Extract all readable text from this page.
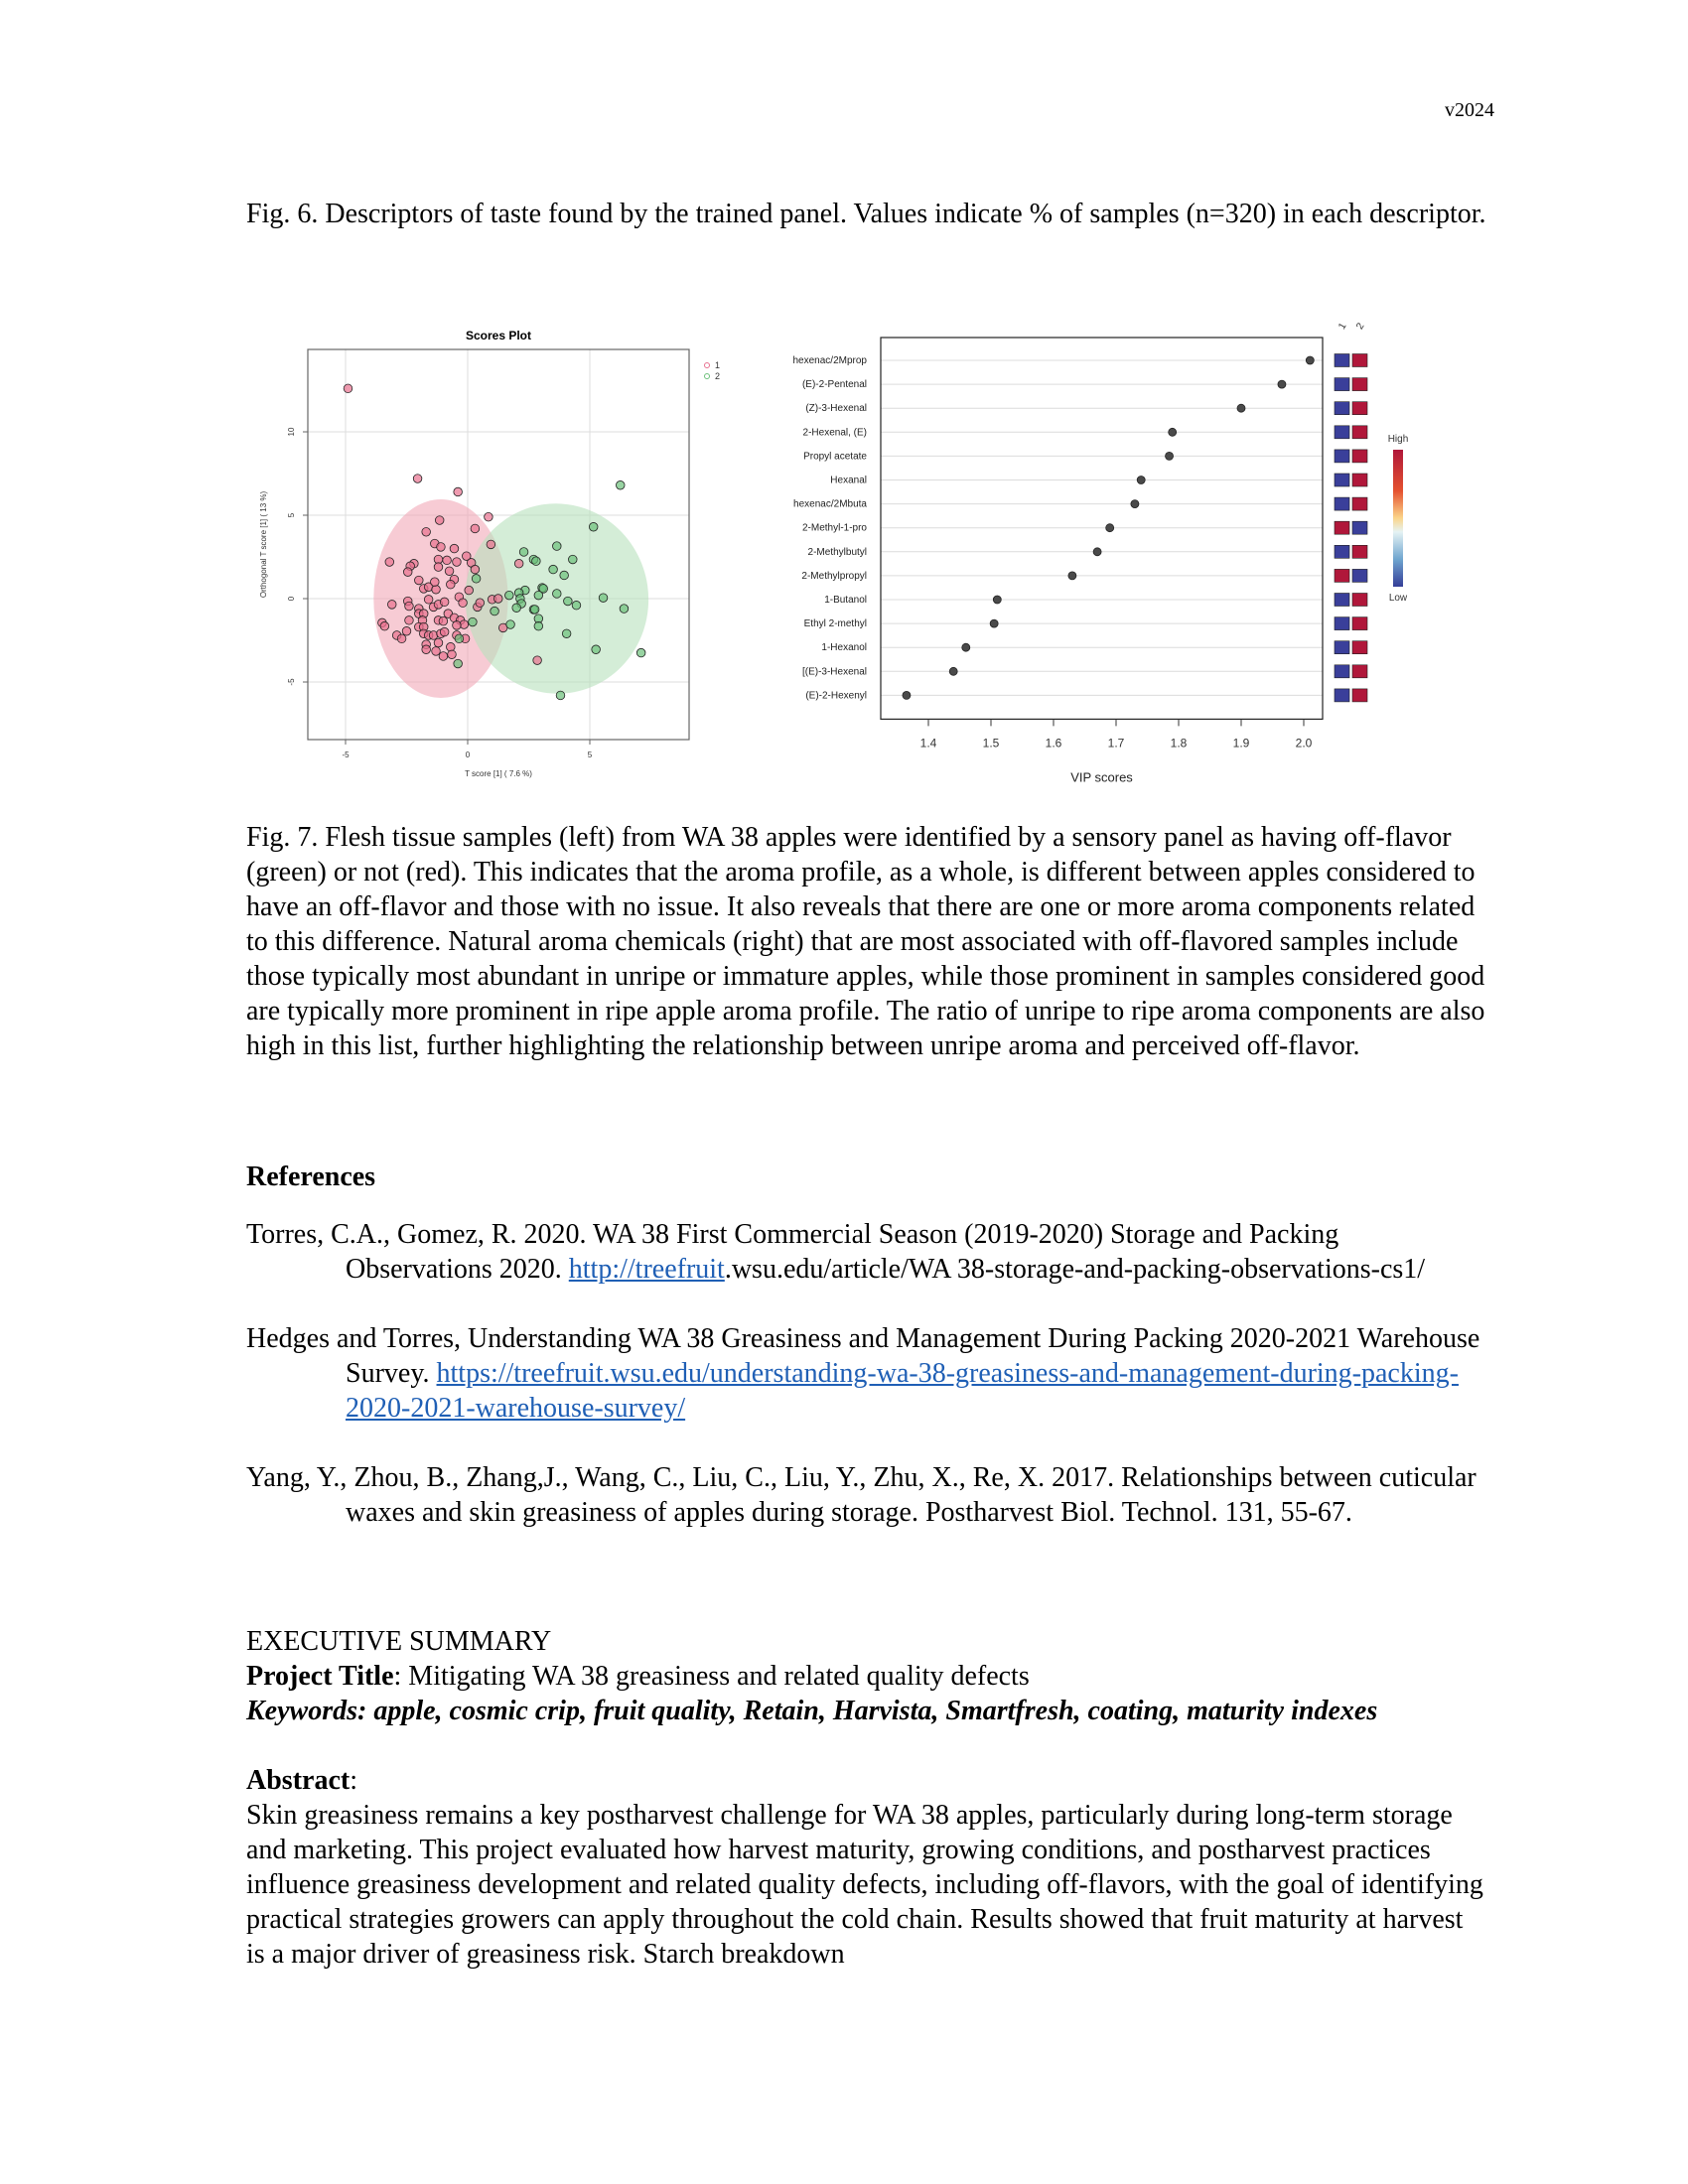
v2024
Fig. 6. Descriptors of taste found by the trained panel. Values indicate % of samples (n=320) in each descriptor.
Scores Plot
-5	0	5
-5
0
5
10
T score [1] ( 7.6 %)
Orthogonal T score [1] ( 13 %)
1
2
hexenac/2Mprop
(E)-2-Pentenal
(Z)-3-Hexenal
2-Hexenal, (E)
Propyl acetate
Hexanal
hexenac/2Mbuta
2-Methyl-1-pro
2-Methylbutyl
2-Methylpropyl
1-Butanol
Ethyl 2-methyl
1-Hexanol
[(E)-3-Hexenal
(E)-2-Hexenyl
1.4	1.5	1.6	1.7	1.8	1.9	2.0
VIP scores
1 2
High
Low
Fig. 7. Flesh tissue samples (left) from WA 38 apples were identified by a sensory panel as having off-flavor (green) or not (red). This indicates that the aroma profile, as a whole, is different between apples considered to have an off-flavor and those with no issue. It also reveals that there are one or more aroma components related to this difference. Natural aroma chemicals (right) that are most associated with off-flavored samples include those typically most abundant in unripe or immature apples, while those prominent in samples considered good are typically more prominent in ripe apple aroma profile. The ratio of unripe to ripe aroma components are also high in this list, further highlighting the relationship between unripe aroma and perceived off-flavor.
References
Torres, C.A., Gomez, R. 2020. WA 38 First Commercial Season (2019-2020) Storage and Packing Observations 2020. http://treefruit.wsu.edu/article/WA 38-storage-and-packing-observations-cs1/
Hedges and Torres, Understanding WA 38 Greasiness and Management During Packing 2020-2021 Warehouse Survey. https://treefruit.wsu.edu/understanding-wa-38-greasiness-and-management-during-packing-2020-2021-warehouse-survey/
Yang, Y., Zhou, B., Zhang,J., Wang, C., Liu, C., Liu, Y., Zhu, X., Re, X. 2017. Relationships between cuticular waxes and skin greasiness of apples during storage. Postharvest Biol. Technol. 131, 55-67.
EXECUTIVE SUMMARY
Project Title: Mitigating WA 38 greasiness and related quality defects
Keywords: apple, cosmic crip, fruit quality, Retain, Harvista, Smartfresh, coating, maturity indexes
Abstract:
Skin greasiness remains a key postharvest challenge for WA 38 apples, particularly during long-term storage and marketing. This project evaluated how harvest maturity, growing conditions, and postharvest practices influence greasiness development and related quality defects, including off-flavors, with the goal of identifying practical strategies growers can apply throughout the cold chain. Results showed that fruit maturity at harvest is a major driver of greasiness risk. Starch breakdown
